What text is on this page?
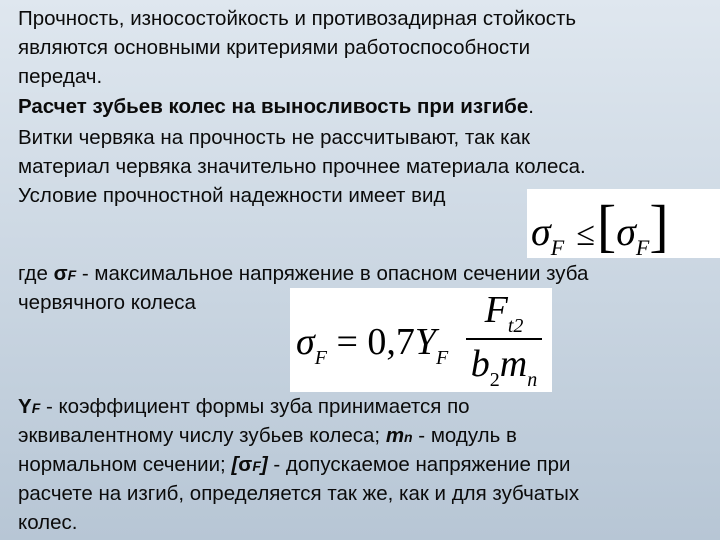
Прочность, износостойкость и противозадирная стойкость
являются основными критериями работоспособности
передач.
Расчет зубьев колес на выносливость при изгибе.
Витки червяка на прочность не рассчитывают, так как
материал червяка значительно прочнее материала колеса.
Условие прочностной надежности имеет вид
где σF - максимальное напряжение в опасном сечении зуба
червячного колеса
YF - коэффициент формы зуба принимается по
эквивалентному числу зубьев колеса; mn - модуль в
нормальном сечении; [σF] - допускаемое напряжение при
расчете на изгиб, определяется так же, как и для зубчатых
колес.
$\sigma_F \le[\sigma_F]$
$\sigma_F = 0,7Y_F$
$F_{t2}$
$b_2m_n$
